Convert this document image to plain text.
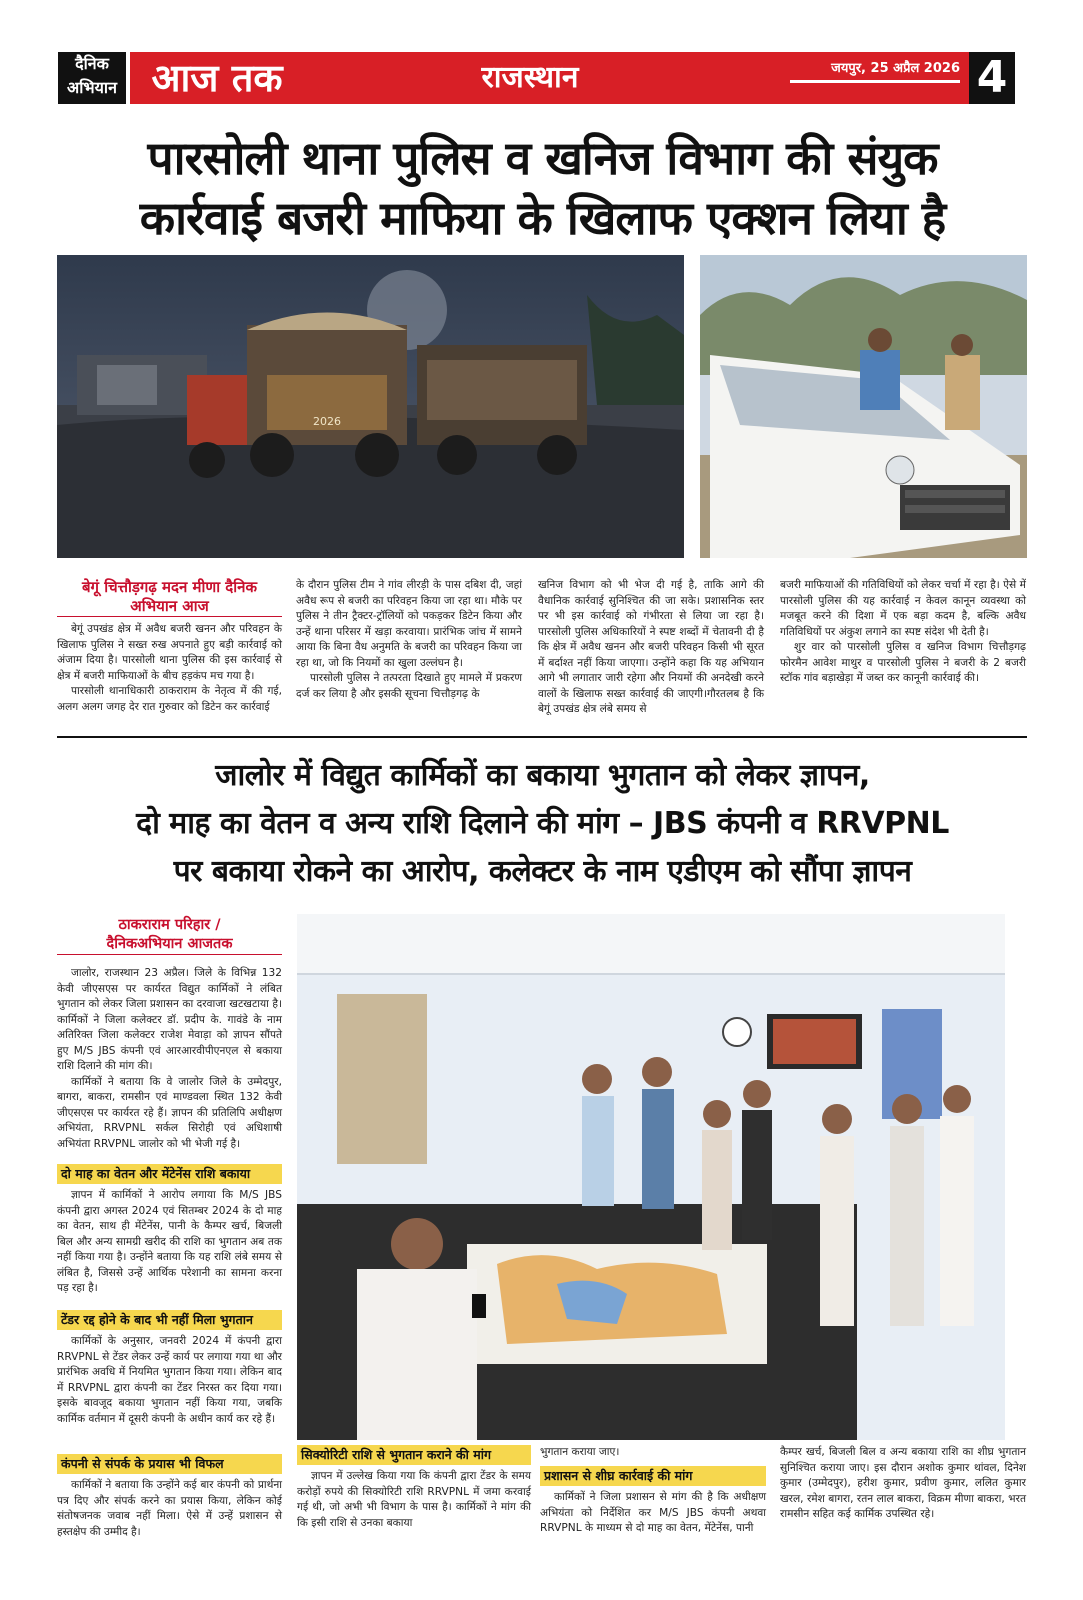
दैनिक
अभियान आज तक	राजस्थान	जयपुर, 25 अप्रैल 2026 4
पारसोली थाना पुलिस व खनिज विभाग की संयुक
कार्रवाई बजरी माफिया के खिलाफ एक्शन लिया है
2026
बेगूं चित्तौड़गढ़ मदन मीणा दैनिक अभियान आज

बेगूं उपखंड क्षेत्र में अवैध बजरी खनन और परिवहन के खिलाफ पुलिस ने सख्त रुख अपनाते हुए बड़ी कार्रवाई को अंजाम दिया है। पारसोली थाना पुलिस की इस कार्रवाई से क्षेत्र में बजरी माफियाओं के बीच हड़कंप मच गया है।

पारसोली थानाधिकारी ठाकराराम के नेतृत्व में की गई, अलग अलग जगह देर रात गुरुवार को डिटेन कर कार्रवाई

के दौरान पुलिस टीम ने गांव लीरड़ी के पास दबिश दी, जहां अवैध रूप से बजरी का परिवहन किया जा रहा था। मौके पर पुलिस ने तीन ट्रैक्टर-ट्रॉलियों को पकड़कर डिटेन किया और उन्हें थाना परिसर में खड़ा करवाया। प्रारंभिक जांच में सामने आया कि बिना वैध अनुमति के बजरी का परिवहन किया जा रहा था, जो कि नियमों का खुला उल्लंघन है।

पारसोली पुलिस ने तत्परता दिखाते हुए मामले में प्रकरण दर्ज कर लिया है और इसकी सूचना चित्तौड़गढ़ के

खनिज विभाग को भी भेज दी गई है, ताकि आगे की वैधानिक कार्रवाई सुनिश्चित की जा सके। प्रशासनिक स्तर पर भी इस कार्रवाई को गंभीरता से लिया जा रहा है।पारसोली पुलिस अधिकारियों ने स्पष्ट शब्दों में चेतावनी दी है कि क्षेत्र में अवैध खनन और बजरी परिवहन किसी भी सूरत में बर्दाश्त नहीं किया जाएगा। उन्होंने कहा कि यह अभियान आगे भी लगातार जारी रहेगा और नियमों की अनदेखी करने वालों के खिलाफ सख्त कार्रवाई की जाएगी।गौरतलब है कि बेगूं उपखंड क्षेत्र लंबे समय से

बजरी माफियाओं की गतिविधियों को लेकर चर्चा में रहा है। ऐसे में पारसोली पुलिस की यह कार्रवाई न केवल कानून व्यवस्था को मजबूत करने की दिशा में एक बड़ा कदम है, बल्कि अवैध गतिविधियों पर अंकुश लगाने का स्पष्ट संदेश भी देती है।

शुर वार को पारसोली पुलिस व खनिज विभाग चित्तौड़गढ़ फोरमैन आवेश माथुर व पारसोली पुलिस ने बजरी के 2 बजरी स्टॉक गांव बड़ाखेड़ा में जब्त कर कानूनी कार्रवाई की।

जालोर में विद्युत कार्मिकों का बकाया भुगतान को लेकर ज्ञापन,
दो माह का वेतन व अन्य राशि दिलाने की मांग – JBS कंपनी व RRVPNL
पर बकाया रोकने का आरोप, कलेक्टर के नाम एडीएम को सौंपा ज्ञापन
ठाकराराम परिहार /
दैनिकअभियान आजतक

जालोर, राजस्थान 23 अप्रैल। जिले के विभिन्न 132 केवी जीएसएस पर कार्यरत विद्युत कार्मिकों ने लंबित भुगतान को लेकर जिला प्रशासन का दरवाजा खटखटाया है। कार्मिकों ने जिला कलेक्टर डॉ. प्रदीप के. गावंडे के नाम अतिरिक्त जिला कलेक्टर राजेश मेवाड़ा को ज्ञापन सौंपते हुए M/S JBS कंपनी एवं आरआरवीपीएनएल से बकाया राशि दिलाने की मांग की।

कार्मिकों ने बताया कि वे जालोर जिले के उम्मेदपुर, बागरा, बाकरा, रामसीन एवं माण्डवला स्थित 132 केवी जीएसएस पर कार्यरत रहे हैं। ज्ञापन की प्रतिलिपि अधीक्षण अभियंता, RRVPNL सर्कल सिरोही एवं अधिशाषी अभियंता RRVPNL जालोर को भी भेजी गई है।

दो माह का वेतन और मेंटेनेंस राशि बकाया

ज्ञापन में कार्मिकों ने आरोप लगाया कि M/S JBS कंपनी द्वारा अगस्त 2024 एवं सितम्बर 2024 के दो माह का वेतन, साथ ही मेंटेनेंस, पानी के कैम्पर खर्च, बिजली बिल और अन्य सामग्री खरीद की राशि का भुगतान अब तक नहीं किया गया है। उन्होंने बताया कि यह राशि लंबे समय से लंबित है, जिससे उन्हें आर्थिक परेशानी का सामना करना पड़ रहा है।

टेंडर रद्द होने के बाद भी नहीं मिला भुगतान

कार्मिकों के अनुसार, जनवरी 2024 में कंपनी द्वारा RRVPNL से टेंडर लेकर उन्हें कार्य पर लगाया गया था और प्रारंभिक अवधि में नियमित भुगतान किया गया। लेकिन बाद में RRVPNL द्वारा कंपनी का टेंडर निरस्त कर दिया गया। इसके बावजूद बकाया भुगतान नहीं किया गया, जबकि कार्मिक वर्तमान में दूसरी कंपनी के अधीन कार्य कर रहे हैं।

कंपनी से संपर्क के प्रयास भी विफल

कार्मिकों ने बताया कि उन्होंने कई बार कंपनी को प्रार्थना पत्र दिए और संपर्क करने का प्रयास किया, लेकिन कोई संतोषजनक जवाब नहीं मिला। ऐसे में उन्हें प्रशासन से हस्तक्षेप की उम्मीद है।

सिक्योरिटी राशि से भुगतान कराने की मांग

ज्ञापन में उल्लेख किया गया कि कंपनी द्वारा टेंडर के समय करोड़ों रुपये की सिक्योरिटी राशि RRVPNL में जमा करवाई गई थी, जो अभी भी विभाग के पास है। कार्मिकों ने मांग की कि इसी राशि से उनका बकाया

भुगतान कराया जाए।
प्रशासन से शीघ्र कार्रवाई की मांग

कार्मिकों ने जिला प्रशासन से मांग की है कि अधीक्षण अभियंता को निर्देशित कर M/S JBS कंपनी अथवा RRVPNL के माध्यम से दो माह का वेतन, मेंटेनेंस, पानी

कैम्पर खर्च, बिजली बिल व अन्य बकाया राशि का शीघ्र भुगतान सुनिश्चित कराया जाए। इस दौरान अशोक कुमार थांवल, दिनेश कुमार (उम्मेदपुर), हरीश कुमार, प्रवीण कुमार, ललित कुमार खरल, रमेश बागरा, रतन लाल बाकरा, विक्रम मीणा बाकरा, भरत रामसीन सहित कई कार्मिक उपस्थित रहे।
